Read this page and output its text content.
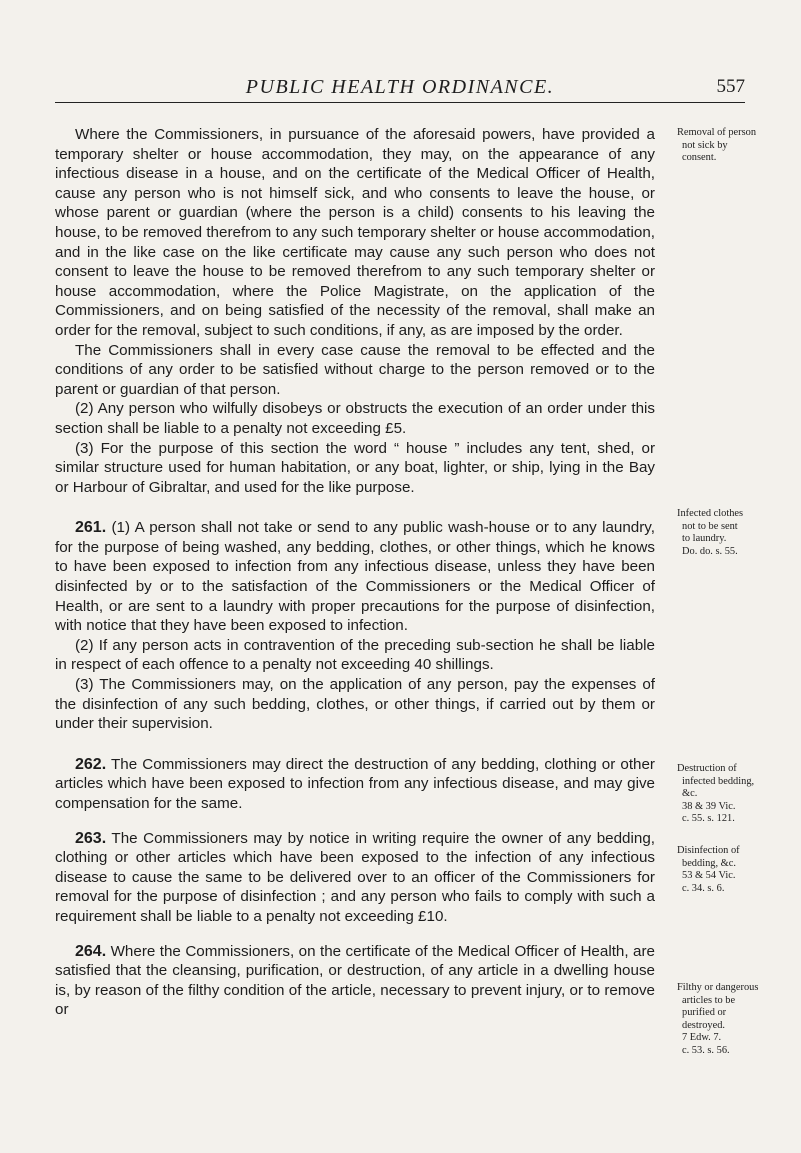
PUBLIC HEALTH ORDINANCE.	557

Where the Commissioners, in pursuance of the aforesaid powers, have provided a temporary shelter or house accommodation, they may, on the appearance of any infectious disease in a house, and on the certificate of the Medical Officer of Health, cause any person who is not himself sick, and who consents to leave the house, or whose parent or guardian (where the person is a child) consents to his leaving the house, to be removed therefrom to any such temporary shelter or house accommodation, and in the like case on the like certificate may cause any such person who does not consent to leave the house to be removed therefrom to any such temporary shelter or house accommodation, where the Police Magistrate, on the application of the Commissioners, and on being satisfied of the necessity of the removal, shall make an order for the removal, subject to such conditions, if any, as are imposed by the order.

The Commissioners shall in every case cause the removal to be effected and the conditions of any order to be satisfied without charge to the person removed or to the parent or guardian of that person.

(2) Any person who wilfully disobeys or obstructs the execution of an order under this section shall be liable to a penalty not exceeding £5.

(3) For the purpose of this section the word “ house ” includes any tent, shed, or similar structure used for human habitation, or any boat, lighter, or ship, lying in the Bay or Harbour of Gibraltar, and used for the like purpose.

261. (1) A person shall not take or send to any public wash-house or to any laundry, for the purpose of being washed, any bedding, clothes, or other things, which he knows to have been exposed to infection from any infectious disease, unless they have been disinfected by or to the satisfaction of the Commissioners or the Medical Officer of Health, or are sent to a laundry with proper precautions for the purpose of disinfection, with notice that they have been exposed to infection.

(2) If any person acts in contravention of the preceding sub-section he shall be liable in respect of each offence to a penalty not exceeding 40 shillings.

(3) The Commissioners may, on the application of any person, pay the expenses of the disinfection of any such bedding, clothes, or other things, if carried out by them or under their supervision.

262. The Commissioners may direct the destruction of any bedding, clothing or other articles which have been exposed to infection from any infectious disease, and may give compensation for the same.

263. The Commissioners may by notice in writing require the owner of any bedding, clothing or other articles which have been exposed to the infection of any infectious disease to cause the same to be delivered over to an officer of the Commissioners for removal for the purpose of disinfection ; and any person who fails to comply with such a requirement shall be liable to a penalty not exceeding £10.

264. Where the Commissioners, on the certificate of the Medical Officer of Health, are satisfied that the cleansing, purification, or destruction, of any article in a dwelling house is, by reason of the filthy condition of the article, necessary to prevent injury, or to remove or

Removal of person
not sick by
consent.
Infected clothes
not to be sent
to laundry.
Do. do. s. 55.
Destruction of
infected bedding,
&c.
38 & 39 Vic.
c. 55. s. 121.
Disinfection of
bedding, &c.
53 & 54 Vic.
c. 34. s. 6.
Filthy or dangerous
articles to be
purified or
destroyed.
7 Edw. 7.
c. 53. s. 56.
